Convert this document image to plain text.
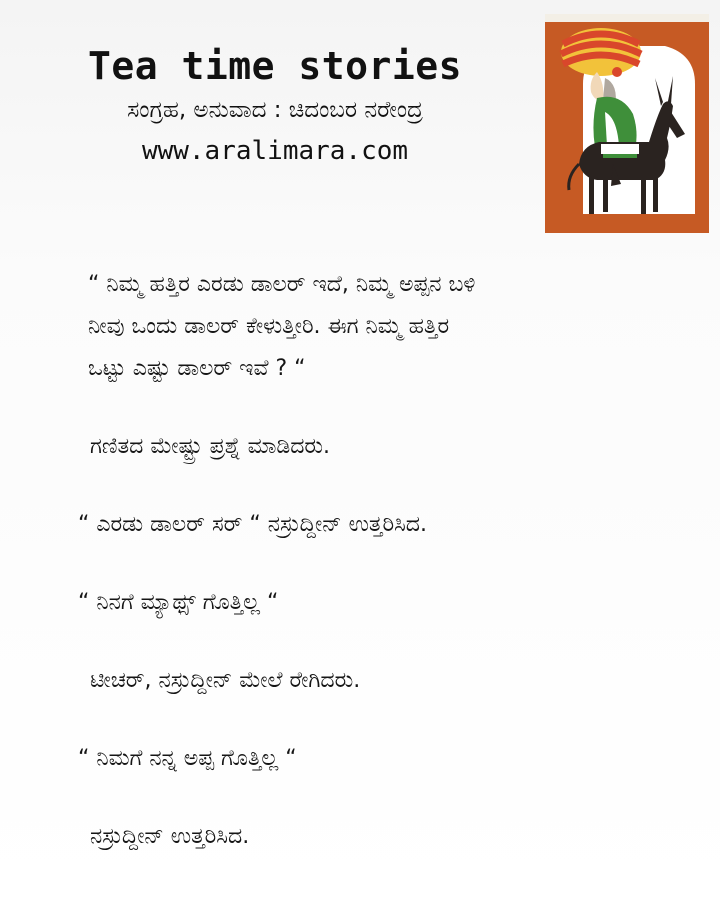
Tea time stories
ಸಂಗ್ರಹ, ಅನುವಾದ : ಚಿದಂಬರ ನರೇಂದ್ರ
www.aralimara.com

“ ನಿಮ್ಮ ಹತ್ತಿರ ಎರಡು ಡಾಲರ್ ಇದೆ, ನಿಮ್ಮ ಅಪ್ಪನ ಬಳಿ
ನೀವು ಒಂದು ಡಾಲರ್ ಕೇಳುತ್ತೀರಿ. ಈಗ ನಿಮ್ಮ ಹತ್ತಿರ
ಒಟ್ಟು ಎಷ್ಟು ಡಾಲರ್ ಇವೆ ? “

ಗಣಿತದ ಮೇಷ್ಟ್ರು ಪ್ರಶ್ನೆ ಮಾಡಿದರು.

“ ಎರಡು ಡಾಲರ್ ಸರ್ “ ನಸ್ರುದ್ದೀನ್ ಉತ್ತರಿಸಿದ.

“ ನಿನಗೆ ಮ್ಯಾಥ್ಸ್ ಗೊತ್ತಿಲ್ಲ “

ಟೀಚರ್, ನಸ್ರುದ್ದೀನ್ ಮೇಲೆ ರೇಗಿದರು.

“ ನಿಮಗೆ ನನ್ನ ಅಪ್ಪ ಗೊತ್ತಿಲ್ಲ “

ನಸ್ರುದ್ದೀನ್ ಉತ್ತರಿಸಿದ.
